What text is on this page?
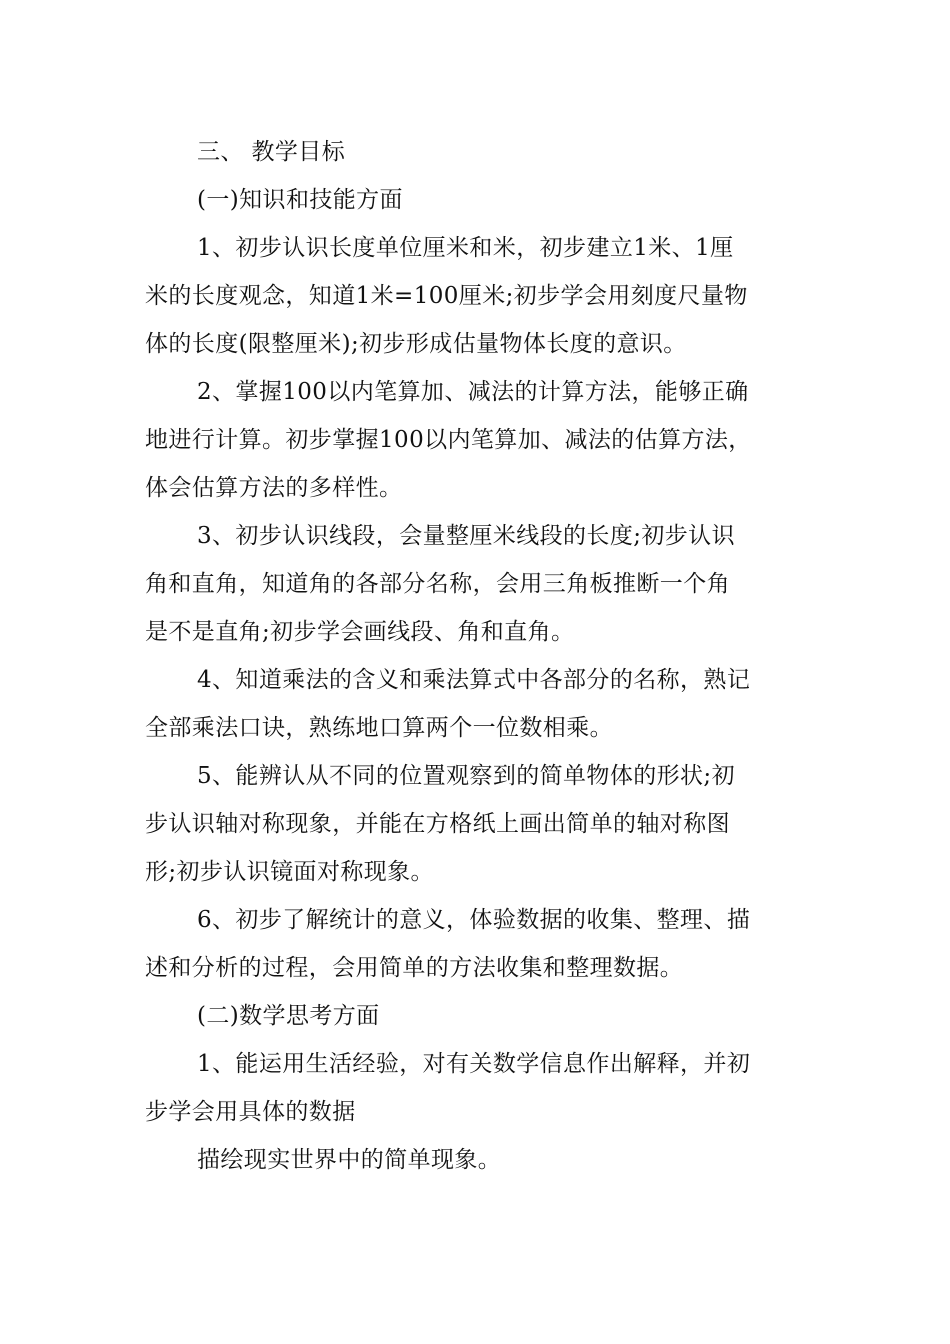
三、 教学目标
(一)知识和技能方面
1、初步认识长度单位厘米和米，初步建立1米、1厘
米的长度观念，知道1米=100厘米;初步学会用刻度尺量物
体的长度(限整厘米);初步形成估量物体长度的意识。
2、掌握100以内笔算加、减法的计算方法，能够正确
地进行计算。初步掌握100以内笔算加、减法的估算方法，
体会估算方法的多样性。
3、初步认识线段，会量整厘米线段的长度;初步认识
角和直角，知道角的各部分名称，会用三角板推断一个角
是不是直角;初步学会画线段、角和直角。
4、知道乘法的含义和乘法算式中各部分的名称，熟记
全部乘法口诀，熟练地口算两个一位数相乘。
5、能辨认从不同的位置观察到的简单物体的形状;初
步认识轴对称现象，并能在方格纸上画出简单的轴对称图
形;初步认识镜面对称现象。
6、初步了解统计的意义，体验数据的收集、整理、描
述和分析的过程，会用简单的方法收集和整理数据。
(二)数学思考方面
1、能运用生活经验，对有关数学信息作出解释，并初
步学会用具体的数据
描绘现实世界中的简单现象。
